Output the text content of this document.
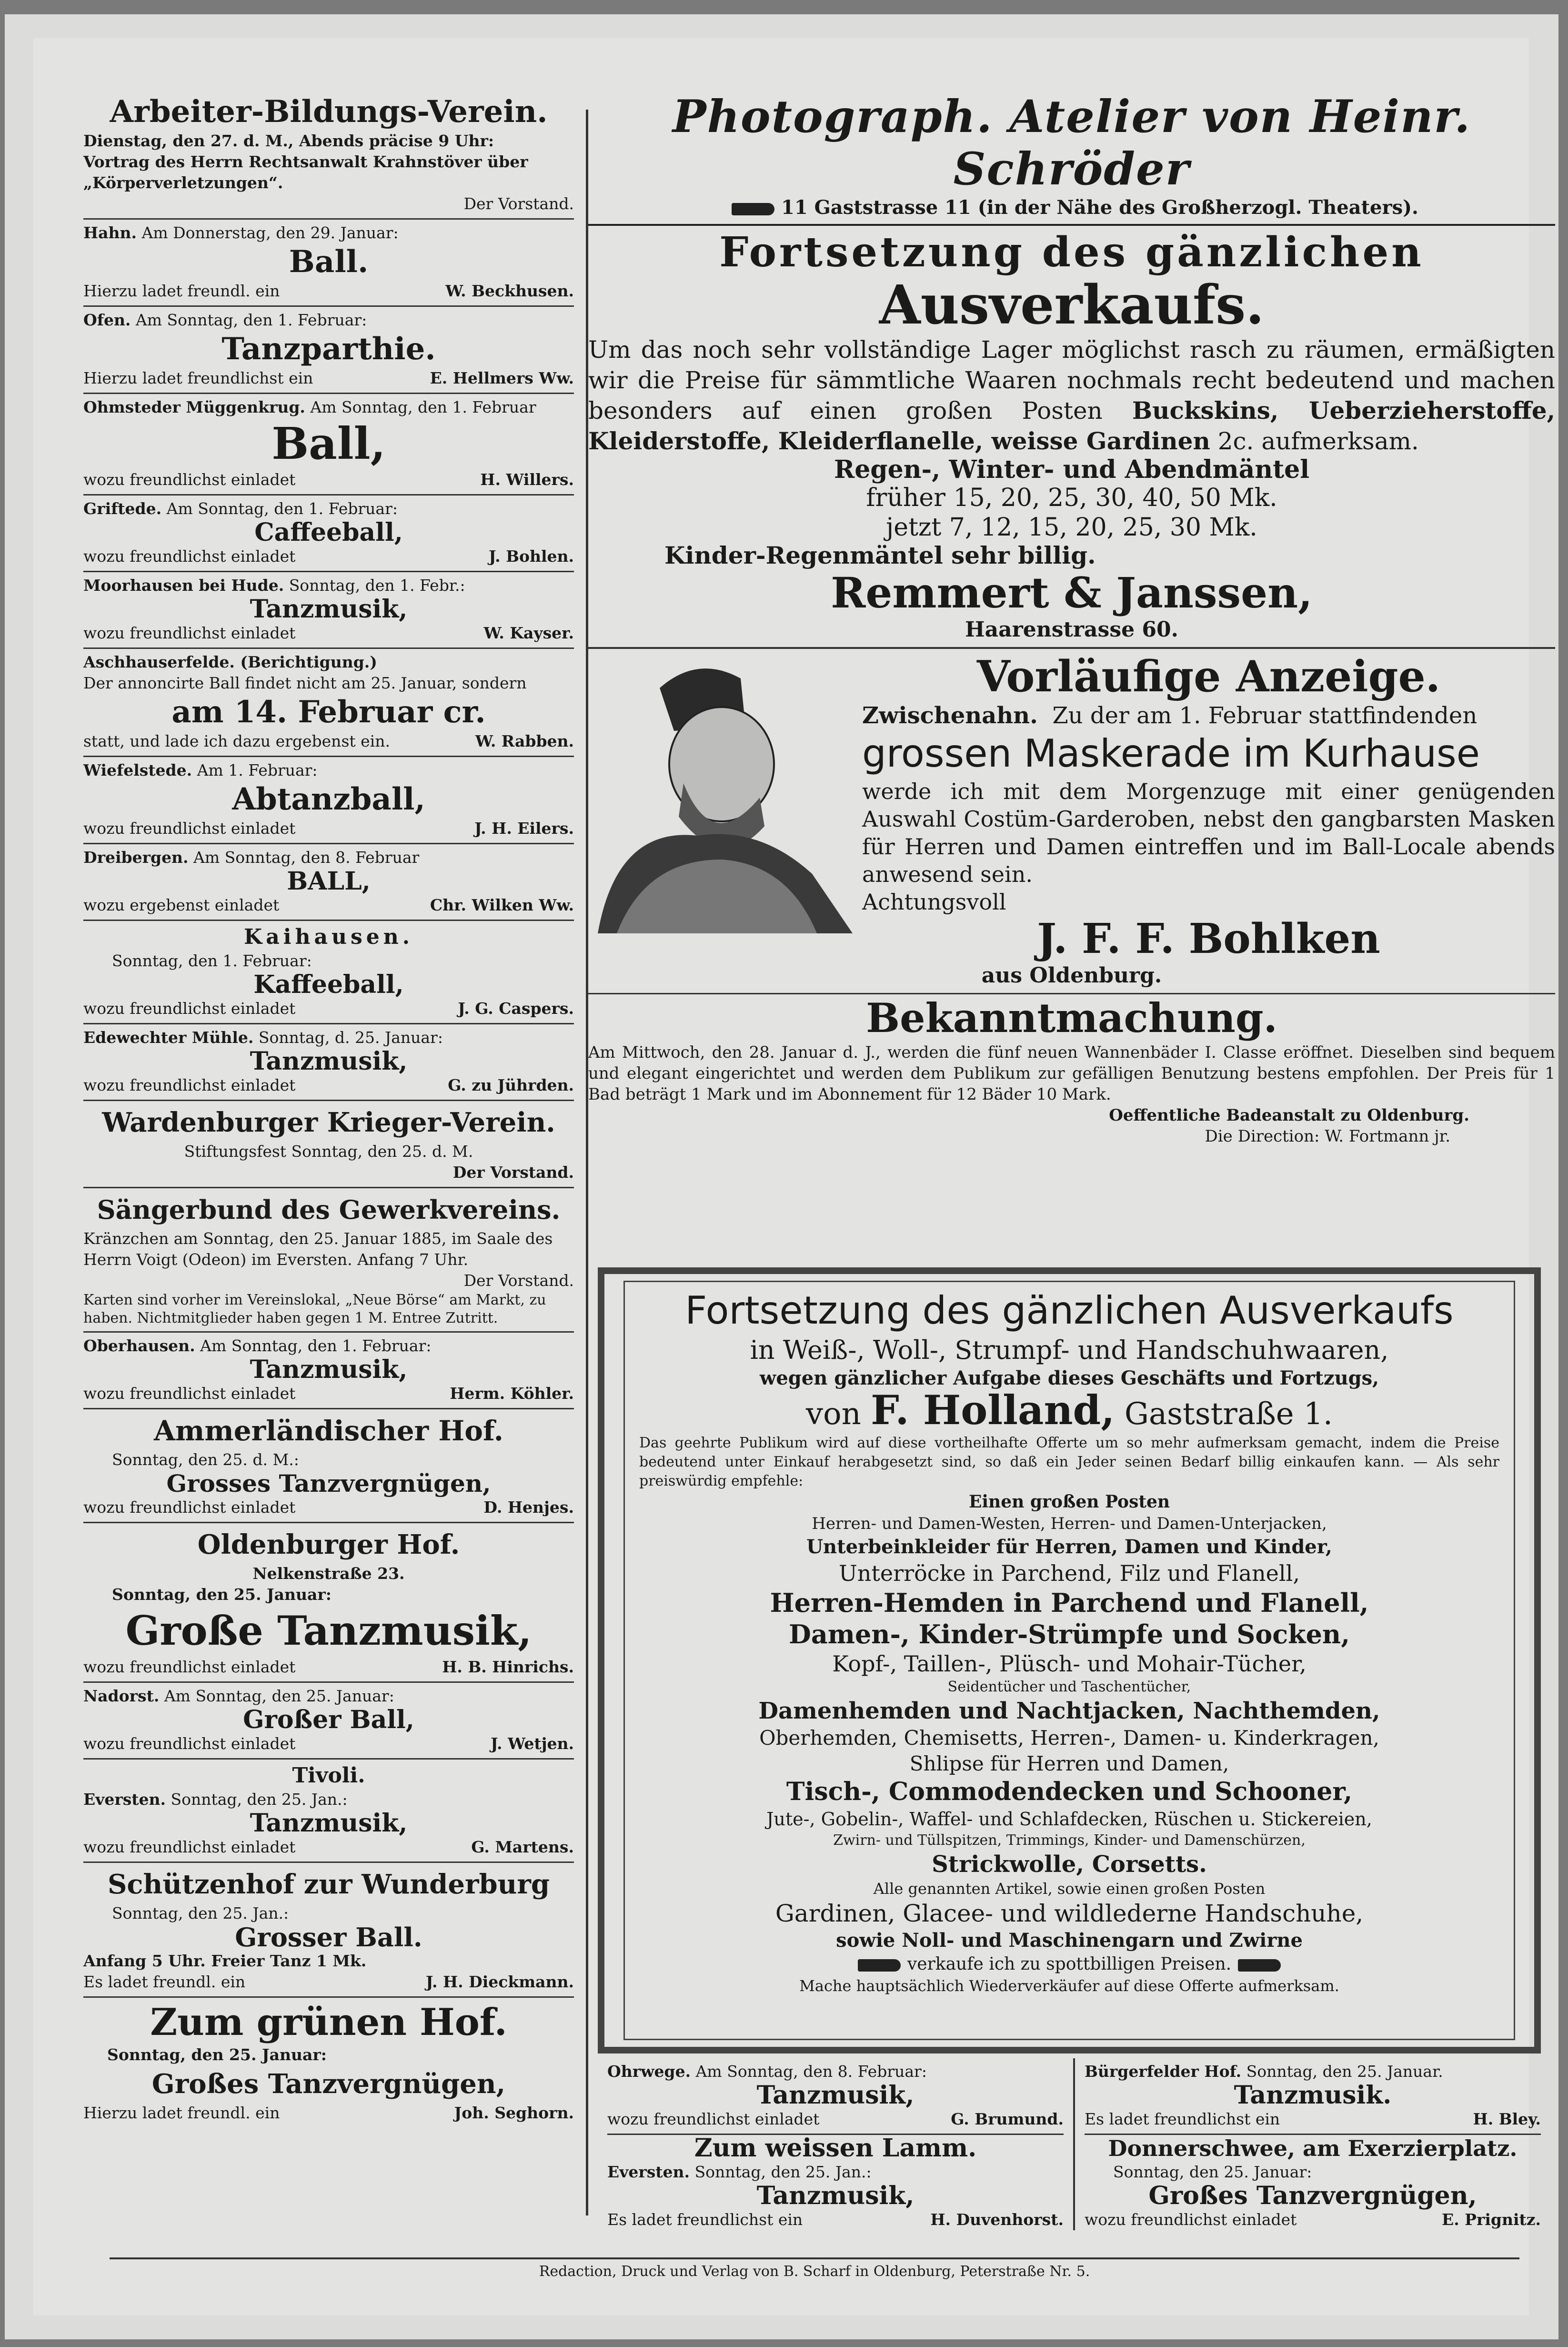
Arbeiter-Bildungs-Verein.
Dienstag, den 27. d. M., Abends präcise 9 Uhr:
Vortrag des Herrn Rechtsanwalt Krahnstöver über „Körperverletzungen“.
Der Vorstand.
Hahn. Am Donnerstag, den 29. Januar:
Ball.
Hierzu ladet freundl. ein	W. Beckhusen.
Ofen. Am Sonntag, den 1. Februar:
Tanzparthie.
Hierzu ladet freundlichst ein	E. Hellmers Ww.
Ohmsteder Müggenkrug. Am Sonntag, den 1. Februar
Ball,
wozu freundlichst einladet	H. Willers.
Griftede. Am Sonntag, den 1. Februar:
Caffeeball,
wozu freundlichst einladet	J. Bohlen.
Moorhausen bei Hude. Sonntag, den 1. Febr.:
Tanzmusik,
wozu freundlichst einladet	W. Kayser.
Aschhauserfelde. (Berichtigung.)
Der annoncirte Ball findet nicht am 25. Januar, sondern
am 14. Februar cr.
statt, und lade ich dazu ergebenst ein.	W. Rabben.
Wiefelstede. Am 1. Februar:
Abtanzball,
wozu freundlichst einladet	J. H. Eilers.
Dreibergen. Am Sonntag, den 8. Februar
BALL,
wozu ergebenst einladet	Chr. Wilken Ww.
Kaihausen.
Sonntag, den 1. Februar:
Kaffeeball,
wozu freundlichst einladet	J. G. Caspers.
Edewechter Mühle. Sonntag, d. 25. Januar:
Tanzmusik,
wozu freundlichst einladet	G. zu Jührden.
Wardenburger Krieger-Verein.
Stiftungsfest Sonntag, den 25. d. M.
Der Vorstand.
Sängerbund des Gewerkvereins.
Kränzchen am Sonntag, den 25. Januar 1885, im Saale des Herrn Voigt (Odeon) im Eversten. Anfang 7 Uhr.
Der Vorstand.
Karten sind vorher im Vereinslokal, „Neue Börse“ am Markt, zu haben. Nichtmitglieder haben gegen 1 M. Entree Zutritt.
Oberhausen. Am Sonntag, den 1. Februar:
Tanzmusik,
wozu freundlichst einladet	Herm. Köhler.
Ammerländischer Hof.
Sonntag, den 25. d. M.:
Grosses Tanzvergnügen,
wozu freundlichst einladet	D. Henjes.
Oldenburger Hof.
Nelkenstraße 23.
Sonntag, den 25. Januar:
Große Tanzmusik,
wozu freundlichst einladet	H. B. Hinrichs.
Nadorst. Am Sonntag, den 25. Januar:
Großer Ball,
wozu freundlichst einladet	J. Wetjen.
Tivoli.
Eversten. Sonntag, den 25. Jan.:
Tanzmusik,
wozu freundlichst einladet	G. Martens.
Schützenhof zur Wunderburg
Sonntag, den 25. Jan.:
Grosser Ball.
Anfang 5 Uhr. Freier Tanz 1 Mk.
Es ladet freundl. ein	J. H. Dieckmann.
Zum grünen Hof.
Sonntag, den 25. Januar:
Großes Tanzvergnügen,
Hierzu ladet freundl. ein	Joh. Seghorn.
Photograph. Atelier von Heinr. Schröder
11 Gaststrasse 11 (in der Nähe des Großherzogl. Theaters).
Fortsetzung des gänzlichen
Ausverkaufs.
Um das noch sehr vollständige Lager möglichst rasch zu räumen, ermäßigten wir die Preise für sämmtliche Waaren nochmals recht bedeutend und machen besonders auf einen großen Posten Buckskins, Ueberzieherstoffe, Kleiderstoffe, Kleiderflanelle, weisse Gardinen 2c. aufmerksam.
Regen-, Winter- und Abendmäntel
früher 15, 20, 25, 30, 40, 50 Mk.
jetzt 7, 12, 15, 20, 25, 30 Mk.
Kinder-Regenmäntel sehr billig.
Remmert & Janssen,
Haarenstrasse 60.
Vorläufige Anzeige.
Zwischenahn. Zu der am 1. Februar stattfindenden
grossen Maskerade im Kurhause
werde ich mit dem Morgenzuge mit einer genügenden Auswahl Costüm-Garderoben, nebst den gangbarsten Masken für Herren und Damen eintreffen und im Ball-Locale abends anwesend sein.
Achtungsvoll
J. F. F. Bohlken
aus Oldenburg.
Bekanntmachung.
Am Mittwoch, den 28. Januar d. J., werden die fünf neuen Wannenbäder I. Classe eröffnet. Dieselben sind bequem und elegant eingerichtet und werden dem Publikum zur gefälligen Benutzung bestens empfohlen. Der Preis für 1 Bad beträgt 1 Mark und im Abonnement für 12 Bäder 10 Mark.
Oeffentliche Badeanstalt zu Oldenburg.
Die Direction: W. Fortmann jr.
Fortsetzung des gänzlichen Ausverkaufs
in Weiß-, Woll-, Strumpf- und Handschuhwaaren,
wegen gänzlicher Aufgabe dieses Geschäfts und Fortzugs,
von F. Holland, Gaststraße 1.
Das geehrte Publikum wird auf diese vortheilhafte Offerte um so mehr aufmerksam gemacht, indem die Preise bedeutend unter Einkauf herabgesetzt sind, so daß ein Jeder seinen Bedarf billig einkaufen kann. — Als sehr preiswürdig empfehle:
Einen großen Posten
Herren- und Damen-Westen, Herren- und Damen-Unterjacken,
Unterbeinkleider für Herren, Damen und Kinder,
Unterröcke in Parchend, Filz und Flanell,
Herren-Hemden in Parchend und Flanell,
Damen-, Kinder-Strümpfe und Socken,
Kopf-, Taillen-, Plüsch- und Mohair-Tücher,
Seidentücher und Taschentücher,
Damenhemden und Nachtjacken, Nachthemden,
Oberhemden, Chemisetts, Herren-, Damen- u. Kinderkragen,
Shlipse für Herren und Damen,
Tisch-, Commodendecken und Schooner,
Jute-, Gobelin-, Waffel- und Schlafdecken, Rüschen u. Stickereien,
Zwirn- und Tüllspitzen, Trimmings, Kinder- und Damenschürzen,
Strickwolle, Corsetts.
Alle genannten Artikel, sowie einen großen Posten
Gardinen, Glacee- und wildlederne Handschuhe,
sowie Noll- und Maschinengarn und Zwirne
verkaufe ich zu spottbilligen Preisen.
Mache hauptsächlich Wiederverkäufer auf diese Offerte aufmerksam.
Ohrwege. Am Sonntag, den 8. Februar:
Tanzmusik,
wozu freundlichst einladet	G. Brumund.
Zum weissen Lamm.
Eversten. Sonntag, den 25. Jan.:
Tanzmusik,
Es ladet freundlichst ein	H. Duvenhorst.
Bürgerfelder Hof. Sonntag, den 25. Januar.
Tanzmusik.
Es ladet freundlichst ein	H. Bley.
Donnerschwee, am Exerzierplatz.
Sonntag, den 25. Januar:
Großes Tanzvergnügen,
wozu freundlichst einladet	E. Prignitz.
Redaction, Druck und Verlag von B. Scharf in Oldenburg, Peterstraße Nr. 5.
